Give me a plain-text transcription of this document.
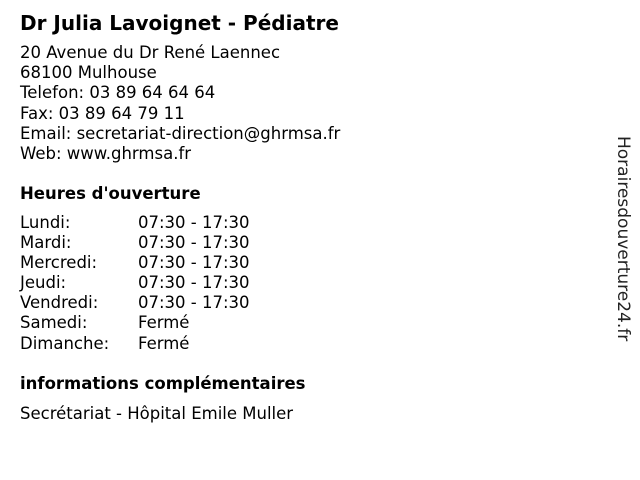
Dr Julia Lavoignet - Pédiatre
20 Avenue du Dr René Laennec
68100 Mulhouse
Telefon: 03 89 64 64 64
Fax: 03 89 64 79 11
Email: secretariat-direction@ghrmsa.fr
Web: www.ghrmsa.fr
Heures d'ouverture
Lundi:	07:30 - 17:30
Mardi:	07:30 - 17:30
Mercredi: 07:30 - 17:30
Jeudi:	07:30 - 17:30
Vendredi: 07:30 - 17:30
Samedi:	Fermé
Dimanche: Fermé
informations complémentaires
Secrétariat - Hôpital Emile Muller
Horairesdouverture24.fr
